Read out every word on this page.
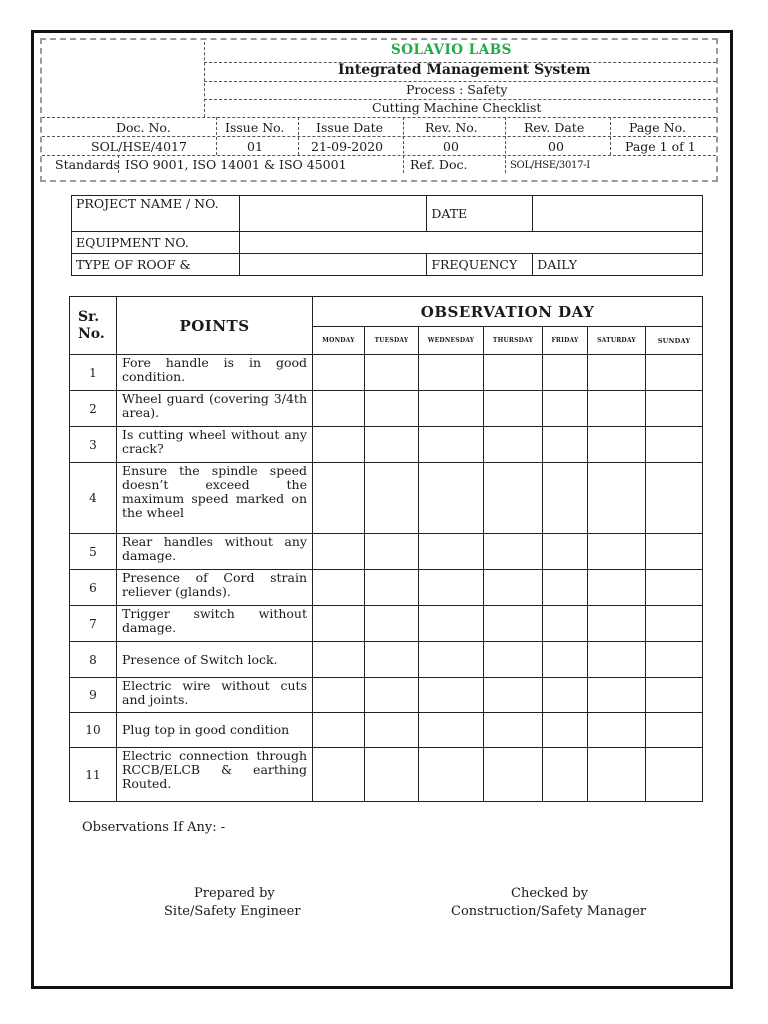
SOLAVIO LABS
Integrated Management System
Process : Safety
Cutting Machine Checklist
Doc. No.	Issue No.	Issue Date	Rev. No.	Rev. Date	Page No.
SOL/HSE/4017	01	21-09-2020	00	00	Page 1 of 1
Standards ISO 9001, ISO 14001 & ISO 45001	Ref. Doc.	SOL/HSE/3017-I
PROJECT NAME / NO.		DATE	
EQUIPMENT NO.			
TYPE OF ROOF &		FREQUENCY	DAILY
Sr. No.	POINTS	OBSERVATION DAY						
		MONDAY	TUESDAY	WEDNESDAY	THURSDAY	FRIDAY	SATURDAY	SUNDAY
1	Fore handle is in good condition.							
2	Wheel guard (covering 3/4th area).							
3	Is cutting wheel without any crack?							
4	Ensure the spindle speed doesn’t exceed the maximum speed marked on the wheel							
5	Rear handles without any damage.							
6	Presence of Cord strain reliever (glands).							
7	Trigger switch without damage.							
8	Presence of Switch lock.							
9	Electric wire without cuts and joints.							
10	Plug top in good condition							
11	Electric connection through RCCB/ELCB & earthing Routed.							
Observations If Any: -
Prepared by
Site/Safety Engineer
Checked by
Construction/Safety Manager
